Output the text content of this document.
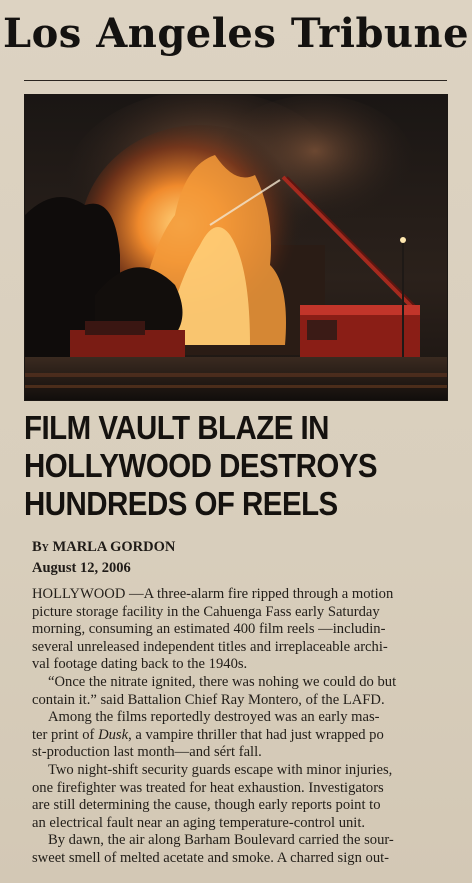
Los Angeles Tribune
FILM VAULT BLAZE IN
HOLLYWOOD DESTROYS
HUNDREDS OF REELS
By MARLA GORDON
August 12, 2006
HOLLYWOOD —A three-alarm fire ripped through a motion
picture storage facility in the Cahuenga Fass early Saturday
morning, consuming an estimated 400 film reels —includin-
several unreleased independent titles and irreplaceable archi-
val footage dating back to the 1940s.
“Once the nitrate ignited, there was nohing we could do but
contain it.” said Battalion Chief Ray Montero, of the LAFD.
Among the films reportedly destroyed was an early mas-
ter print of Dusk, a vampire thriller that had just wrapped po
st-production last month—and sért fall.
Two night-shift security guards escape with minor injuries,
one firefighter was treated for heat exhaustion. Investigators
are still determining the cause, though early reports point to
an electrical fault near an aging temperature-control unit.
By dawn, the air along Barham Boulevard carried the sour-
sweet smell of melted acetate and smoke. A charred sign out-
